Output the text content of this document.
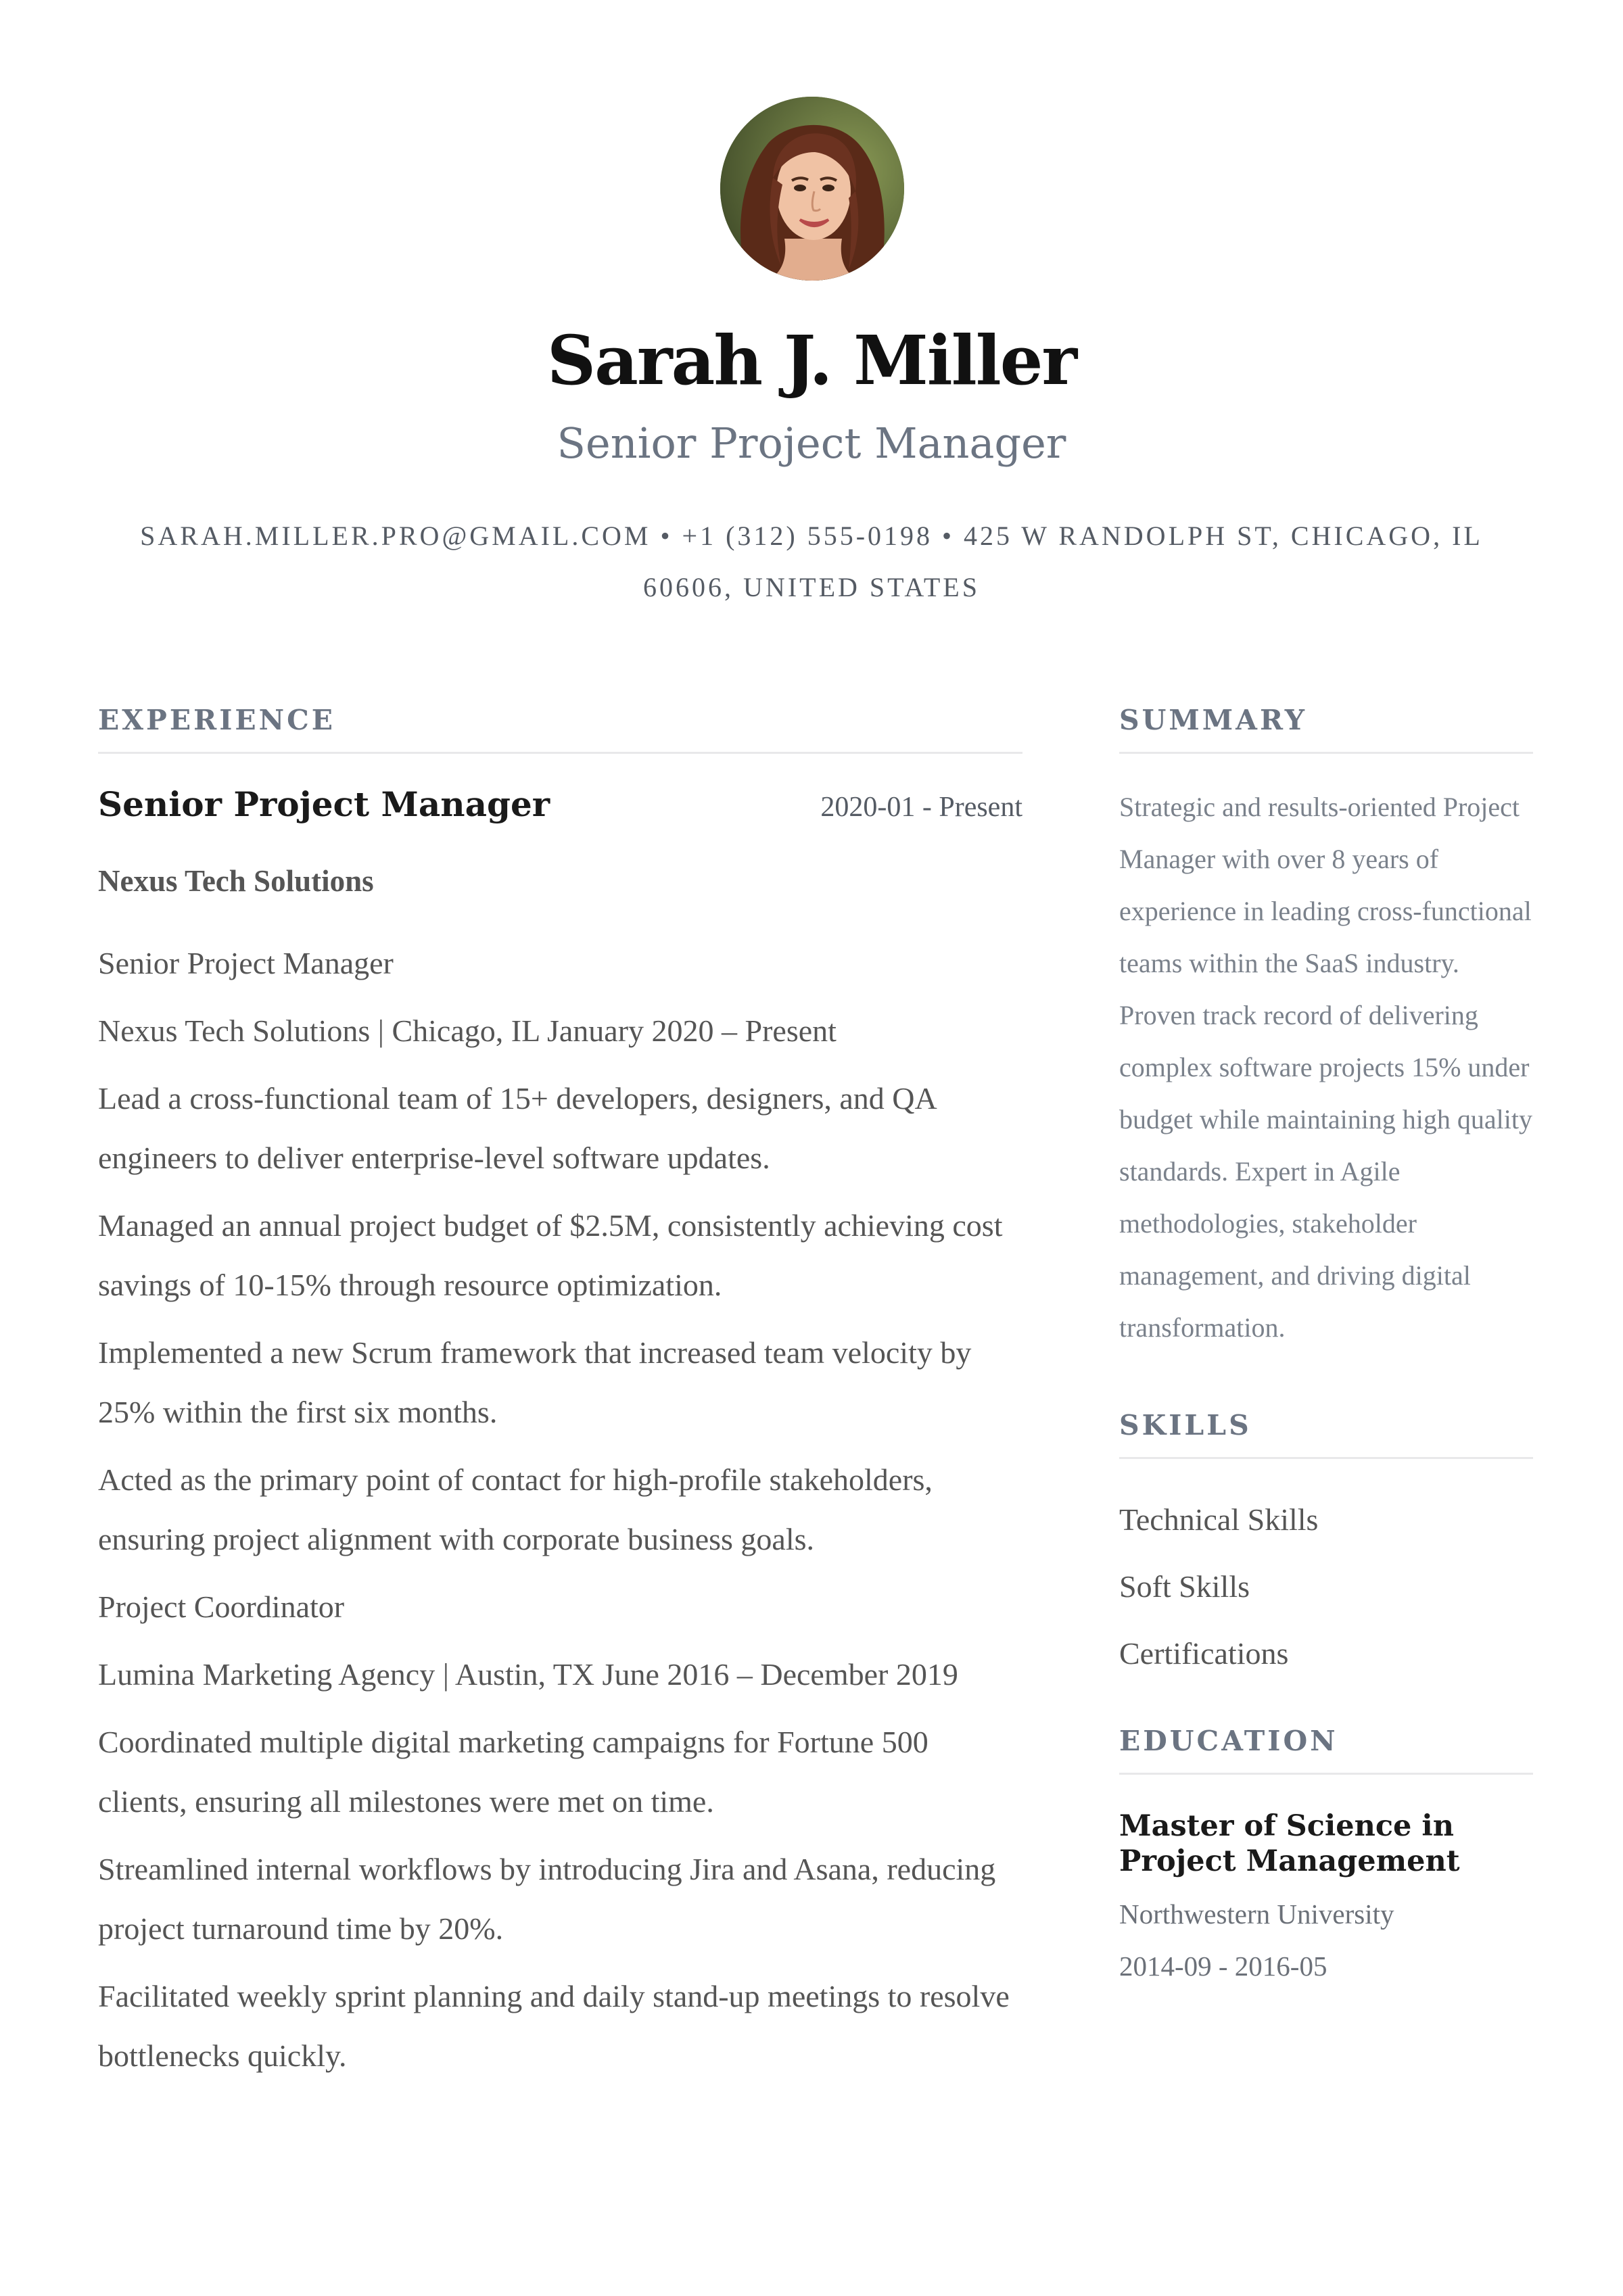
Sarah J. Miller
Senior Project Manager
SARAH.MILLER.PRO@GMAIL.COM • +1 (312) 555-0198 • 425 W RANDOLPH ST, CHICAGO, IL 60606, UNITED STATES
EXPERIENCE
Senior Project Manager	2020-01 - Present
Nexus Tech Solutions

Senior Project Manager

Nexus Tech Solutions | Chicago, IL January 2020 – Present

Lead a cross-functional team of 15+ developers, designers, and QA engineers to deliver enterprise-level software updates.

Managed an annual project budget of $2.5M, consistently achieving cost savings of 10-15% through resource optimization.

Implemented a new Scrum framework that increased team velocity by 25% within the first six months.

Acted as the primary point of contact for high-profile stakeholders, ensuring project alignment with corporate business goals.

Project Coordinator

Lumina Marketing Agency | Austin, TX June 2016 – December 2019

Coordinated multiple digital marketing campaigns for Fortune 500 clients, ensuring all milestones were met on time.

Streamlined internal workflows by introducing Jira and Asana, reducing project turnaround time by 20%.

Facilitated weekly sprint planning and daily stand-up meetings to resolve bottlenecks quickly.

SUMMARY
Strategic and results-oriented Project Manager with over 8 years of experience in leading cross-functional teams within the SaaS industry. Proven track record of delivering complex software projects 15% under budget while maintaining high quality standards. Expert in Agile methodologies, stakeholder management, and driving digital transformation.
SKILLS
Technical Skills
Soft Skills
Certifications
EDUCATION
Master of Science in Project Management
Northwestern University
2014-09 - 2016-05
